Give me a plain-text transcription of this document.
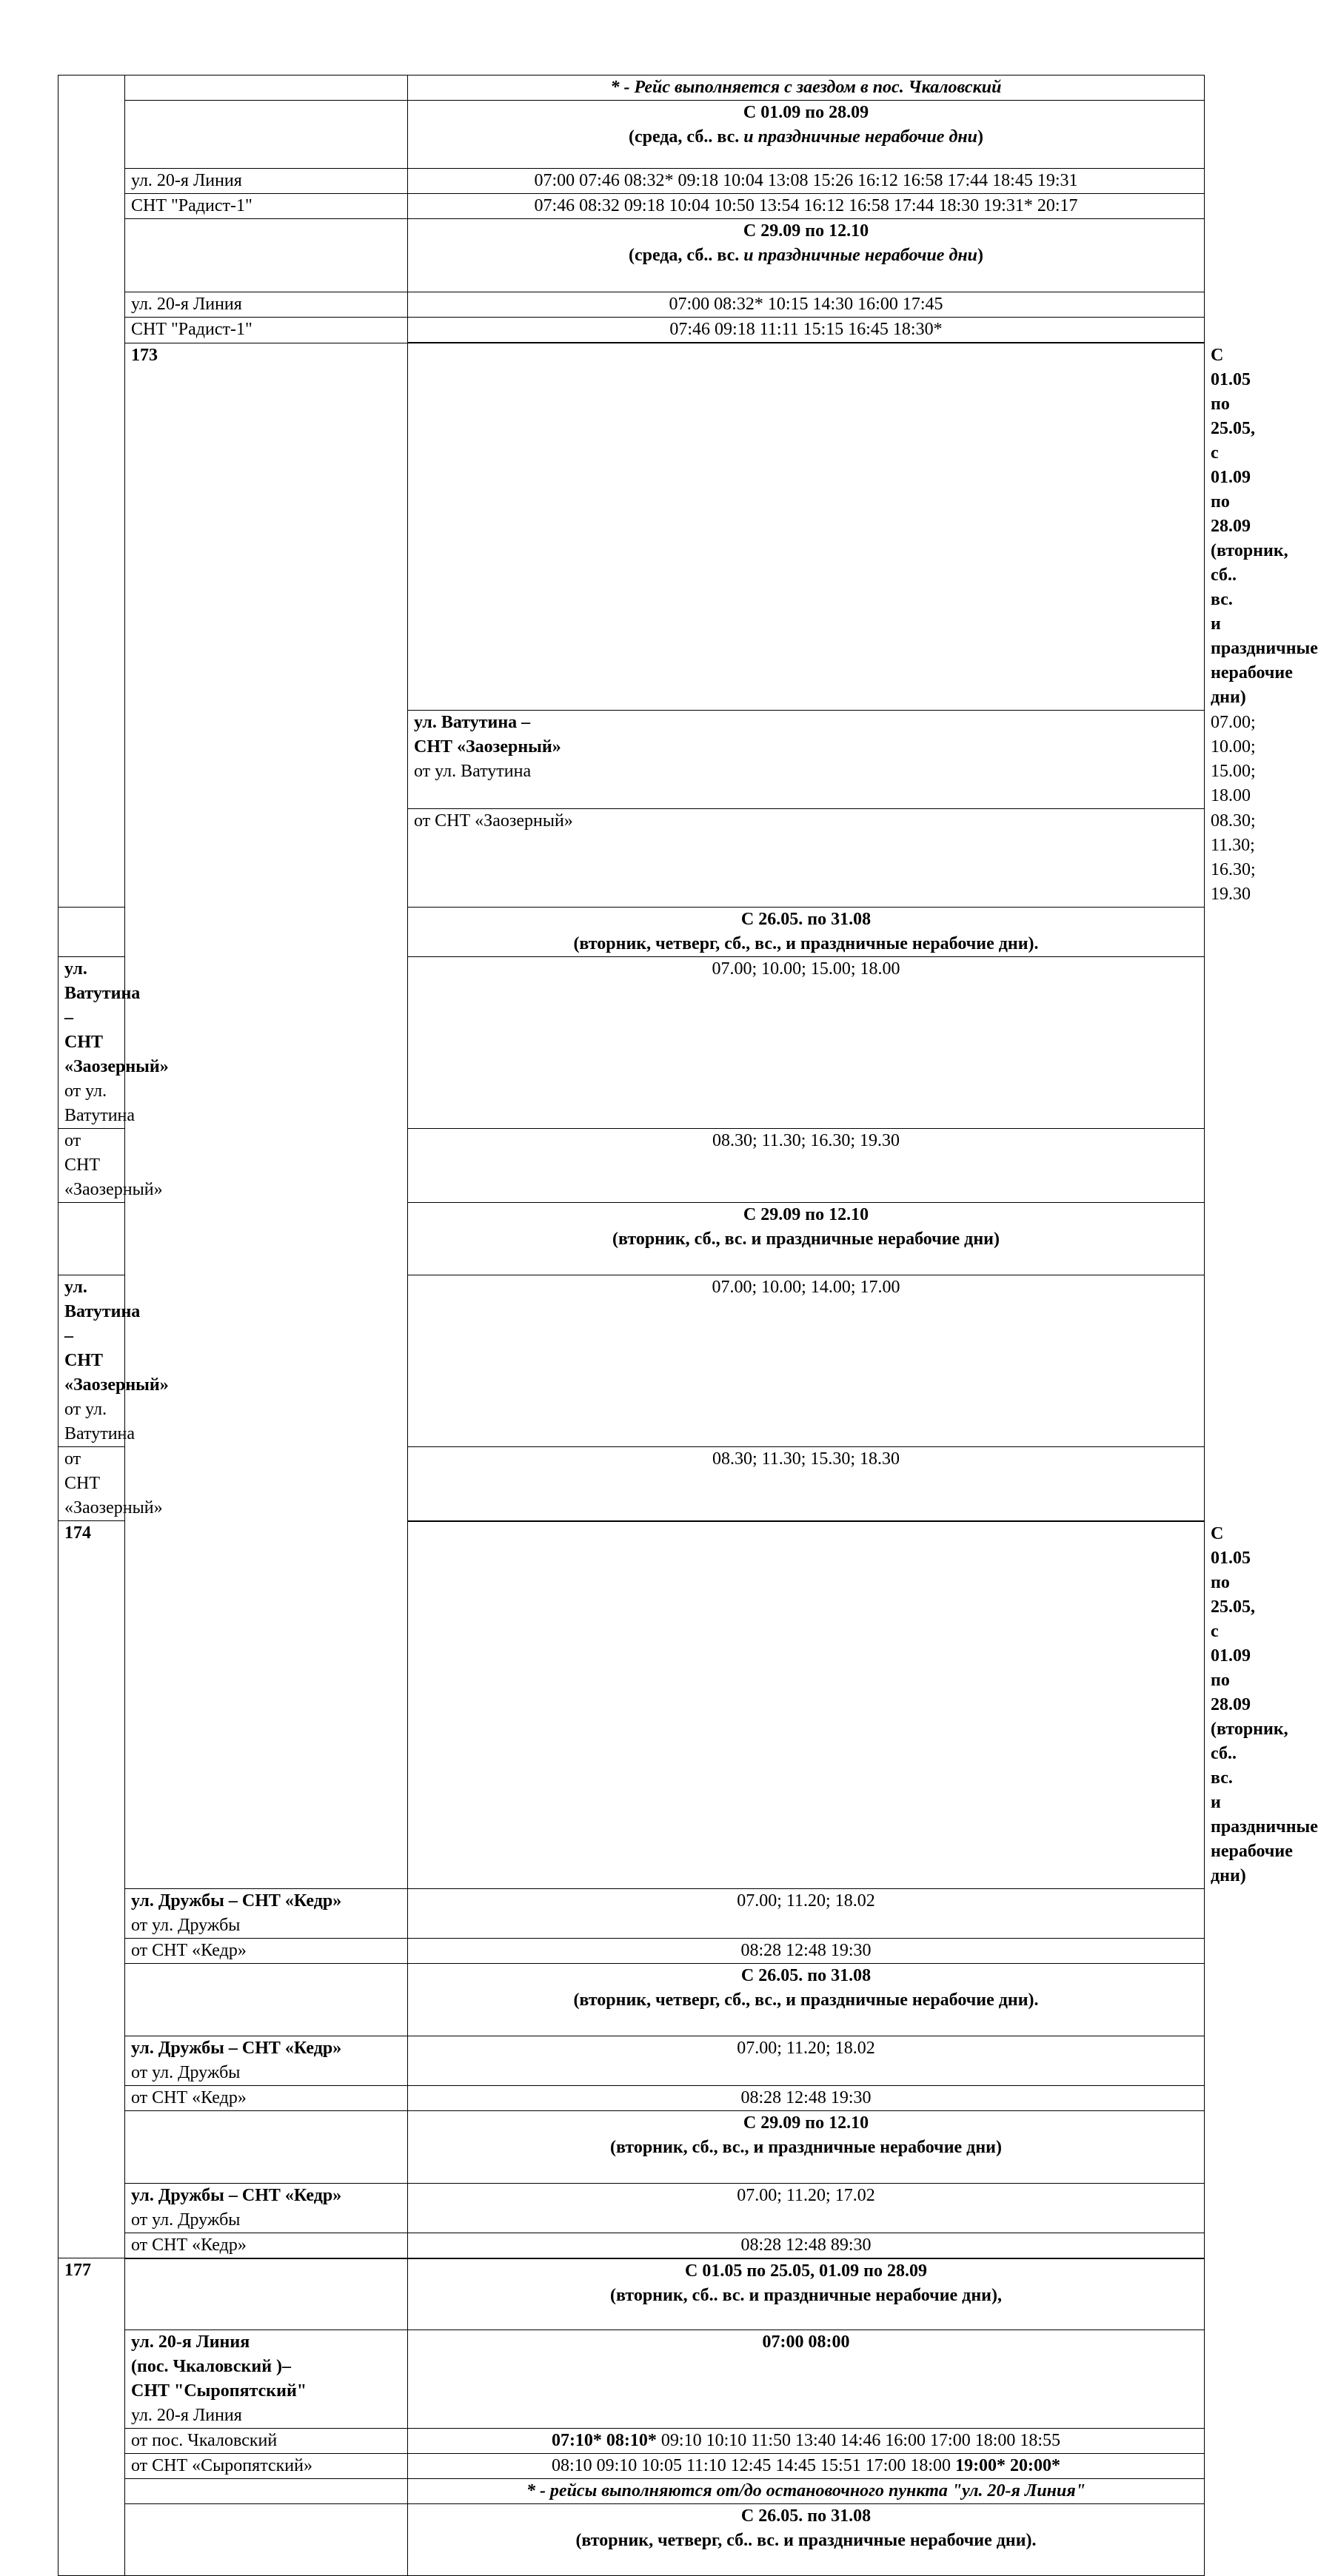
		* - Рейс выполняется с заездом в пос. Чкаловский	

		С 01.09 по 28.09
(среда, сб.. вс. и праздничные нерабочие дни)	

	ул. 20-я Линия	07:00 07:46 08:32* 09:18 10:04 13:08 15:26 16:12 16:58 17:44 18:45 19:31	
	СНТ "Радист-1"	07:46 08:32 09:18 10:04 10:50 13:54 16:12 16:58 17:44 18:30 19:31* 20:17	

		С 29.09 по 12.10
(среда, сб.. вс. и праздничные нерабочие дни)	

	ул. 20-я Линия	07:00 08:32* 10:15 14:30 16:00 17:45	
	СНТ "Радист-1"	07:46 09:18 11:11 15:15 16:45 18:30*	
	173		С 01.05 по 25.05, с 01.09 по 28.09
(вторник, сб.. вс. и праздничные нерабочие дни)

		ул. Ватутина –
СНТ «Заозерный»
от ул. Ватутина	07.00; 10.00; 15.00; 18.00
		от СНТ «Заозерный»	08.30; 11.30; 16.30; 19.30

		С 26.05. по 31.08
(вторник, четверг, сб., вс., и праздничные нерабочие дни).	

ул. Ватутина –
СНТ «Заозерный»
от ул. Ватутина		07.00; 10.00; 15.00; 18.00	
от СНТ «Заозерный»		08.30; 11.30; 16.30; 19.30	

		С 29.09 по 12.10
(вторник, сб., вс. и праздничные нерабочие дни)	

ул. Ватутина –
СНТ «Заозерный»
от ул. Ватутина		07.00; 10.00; 14.00; 17.00	
от СНТ «Заозерный»		08.30; 11.30; 15.30; 18.30	
174			С 01.05 по 25.05, с 01.09 по 28.09
(вторник, сб.. вс. и праздничные нерабочие дни)

	ул. Дружбы – СНТ «Кедр»
от ул. Дружбы	07.00; 11.20; 18.02	
	от СНТ «Кедр»	08:28 12:48 19:30	

		С 26.05. по 31.08
(вторник, четверг, сб., вс., и праздничные нерабочие дни).	

	ул. Дружбы – СНТ «Кедр»
от ул. Дружбы	07.00; 11.20; 18.02	
	от СНТ «Кедр»	08:28 12:48 19:30	

		С 29.09 по 12.10
(вторник, сб., вс., и праздничные нерабочие дни)	

	ул. Дружбы – СНТ «Кедр»
от ул. Дружбы	07.00; 11.20; 17.02	
	от СНТ «Кедр»	08:28 12:48 89:30	
177		С 01.05 по 25.05, 01.09 по 28.09
(вторник, сб.. вс. и праздничные нерабочие дни),	

	ул. 20-я Линия
(пос. Чкаловский )–
СНТ "Сыропятский"
ул. 20-я Линия	07:00 08:00	
	от пос. Чкаловский	07:10* 08:10* 09:10 10:10 11:50 13:40 14:46 16:00 17:00 18:00 18:55	
	от СНТ «Сыропятский»	08:10 09:10 10:05 11:10 12:45 14:45 15:51 17:00 18:00 19:00* 20:00*	
		* - рейсы выполняются от/до остановочного пункта "ул. 20-я Линия"	

		С 26.05. по 31.08
(вторник, четверг, сб.. вс. и праздничные нерабочие дни).	
